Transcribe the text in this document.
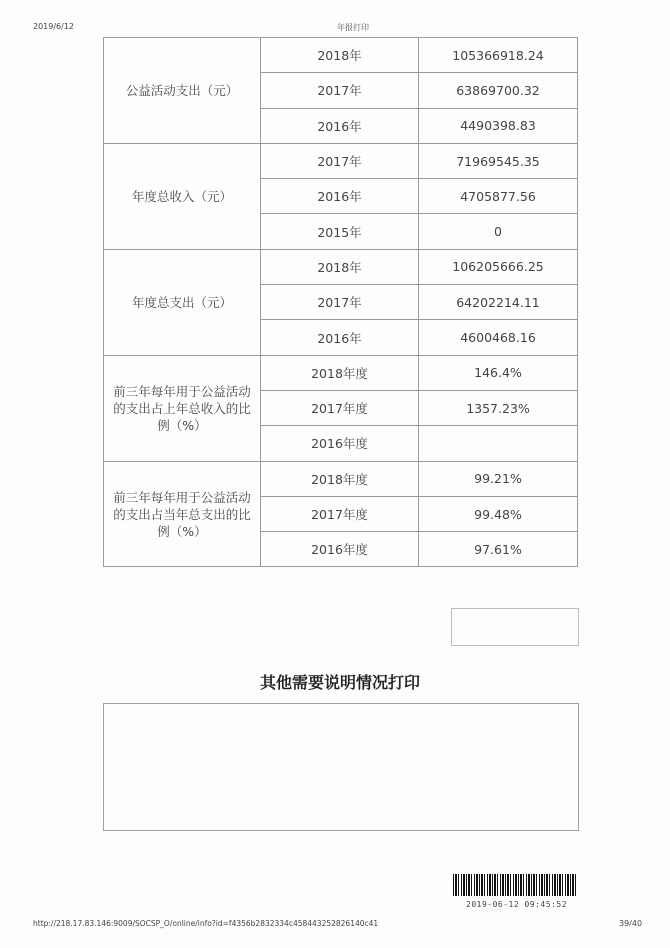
2019/6/12	年报打印
公益活动支出（元）	2018年	105366918.24
	2017年	63869700.32
	2016年	4490398.83
年度总收入（元）	2017年	71969545.35
	2016年	4705877.56
	2015年	0
年度总支出（元）	2018年	106205666.25
	2017年	64202214.11
	2016年	4600468.16
前三年每年用于公益活动的支出占上年总收入的比例（%）	2018年度	146.4%
	2017年度	1357.23%
	2016年度	
前三年每年用于公益活动的支出占当年总支出的比例（%）	2018年度	99.21%
	2017年度	99.48%
	2016年度	97.61%
其他需要说明情况打印
2019-06-12 09:45:52
http://218.17.83.146:9009/SOCSP_O/online/info?id=f4356b2832334c458443252826140c41	39/40
